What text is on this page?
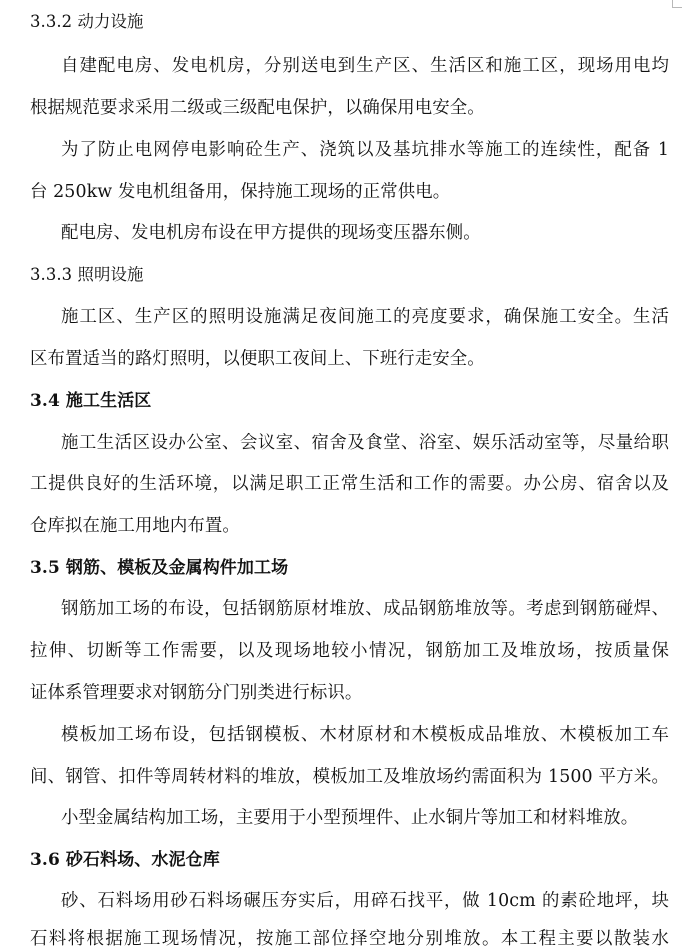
3.3.2 动力设施
自建配电房、发电机房，分别送电到生产区、生活区和施工区，现场用电均
根据规范要求采用二级或三级配电保护，以确保用电安全。
为了防止电网停电影响砼生产、浇筑以及基坑排水等施工的连续性，配备 1
台 250kw 发电机组备用，保持施工现场的正常供电。
配电房、发电机房布设在甲方提供的现场变压器东侧。
3.3.3 照明设施
施工区、生产区的照明设施满足夜间施工的亮度要求，确保施工安全。生活
区布置适当的路灯照明，以便职工夜间上、下班行走安全。
3.4 施工生活区
施工生活区设办公室、会议室、宿舍及食堂、浴室、娱乐活动室等，尽量给职
工提供良好的生活环境，以满足职工正常生活和工作的需要。办公房、宿舍以及
仓库拟在施工用地内布置。
3.5 钢筋、模板及金属构件加工场
钢筋加工场的布设，包括钢筋原材堆放、成品钢筋堆放等。考虑到钢筋碰焊、
拉伸、切断等工作需要，以及现场地较小情况，钢筋加工及堆放场，按质量保
证体系管理要求对钢筋分门别类进行标识。
模板加工场布设，包括钢模板、木材原材和木模板成品堆放、木模板加工车
间、钢管、扣件等周转材料的堆放，模板加工及堆放场约需面积为 1500 平方米。
小型金属结构加工场，主要用于小型预埋件、止水铜片等加工和材料堆放。
3.6 砂石料场、水泥仓库
砂、石料场用砂石料场碾压夯实后，用碎石找平，做 10cm 的素砼地坪，块
石料将根据施工现场情况，按施工部位择空地分别堆放。本工程主要以散装水
